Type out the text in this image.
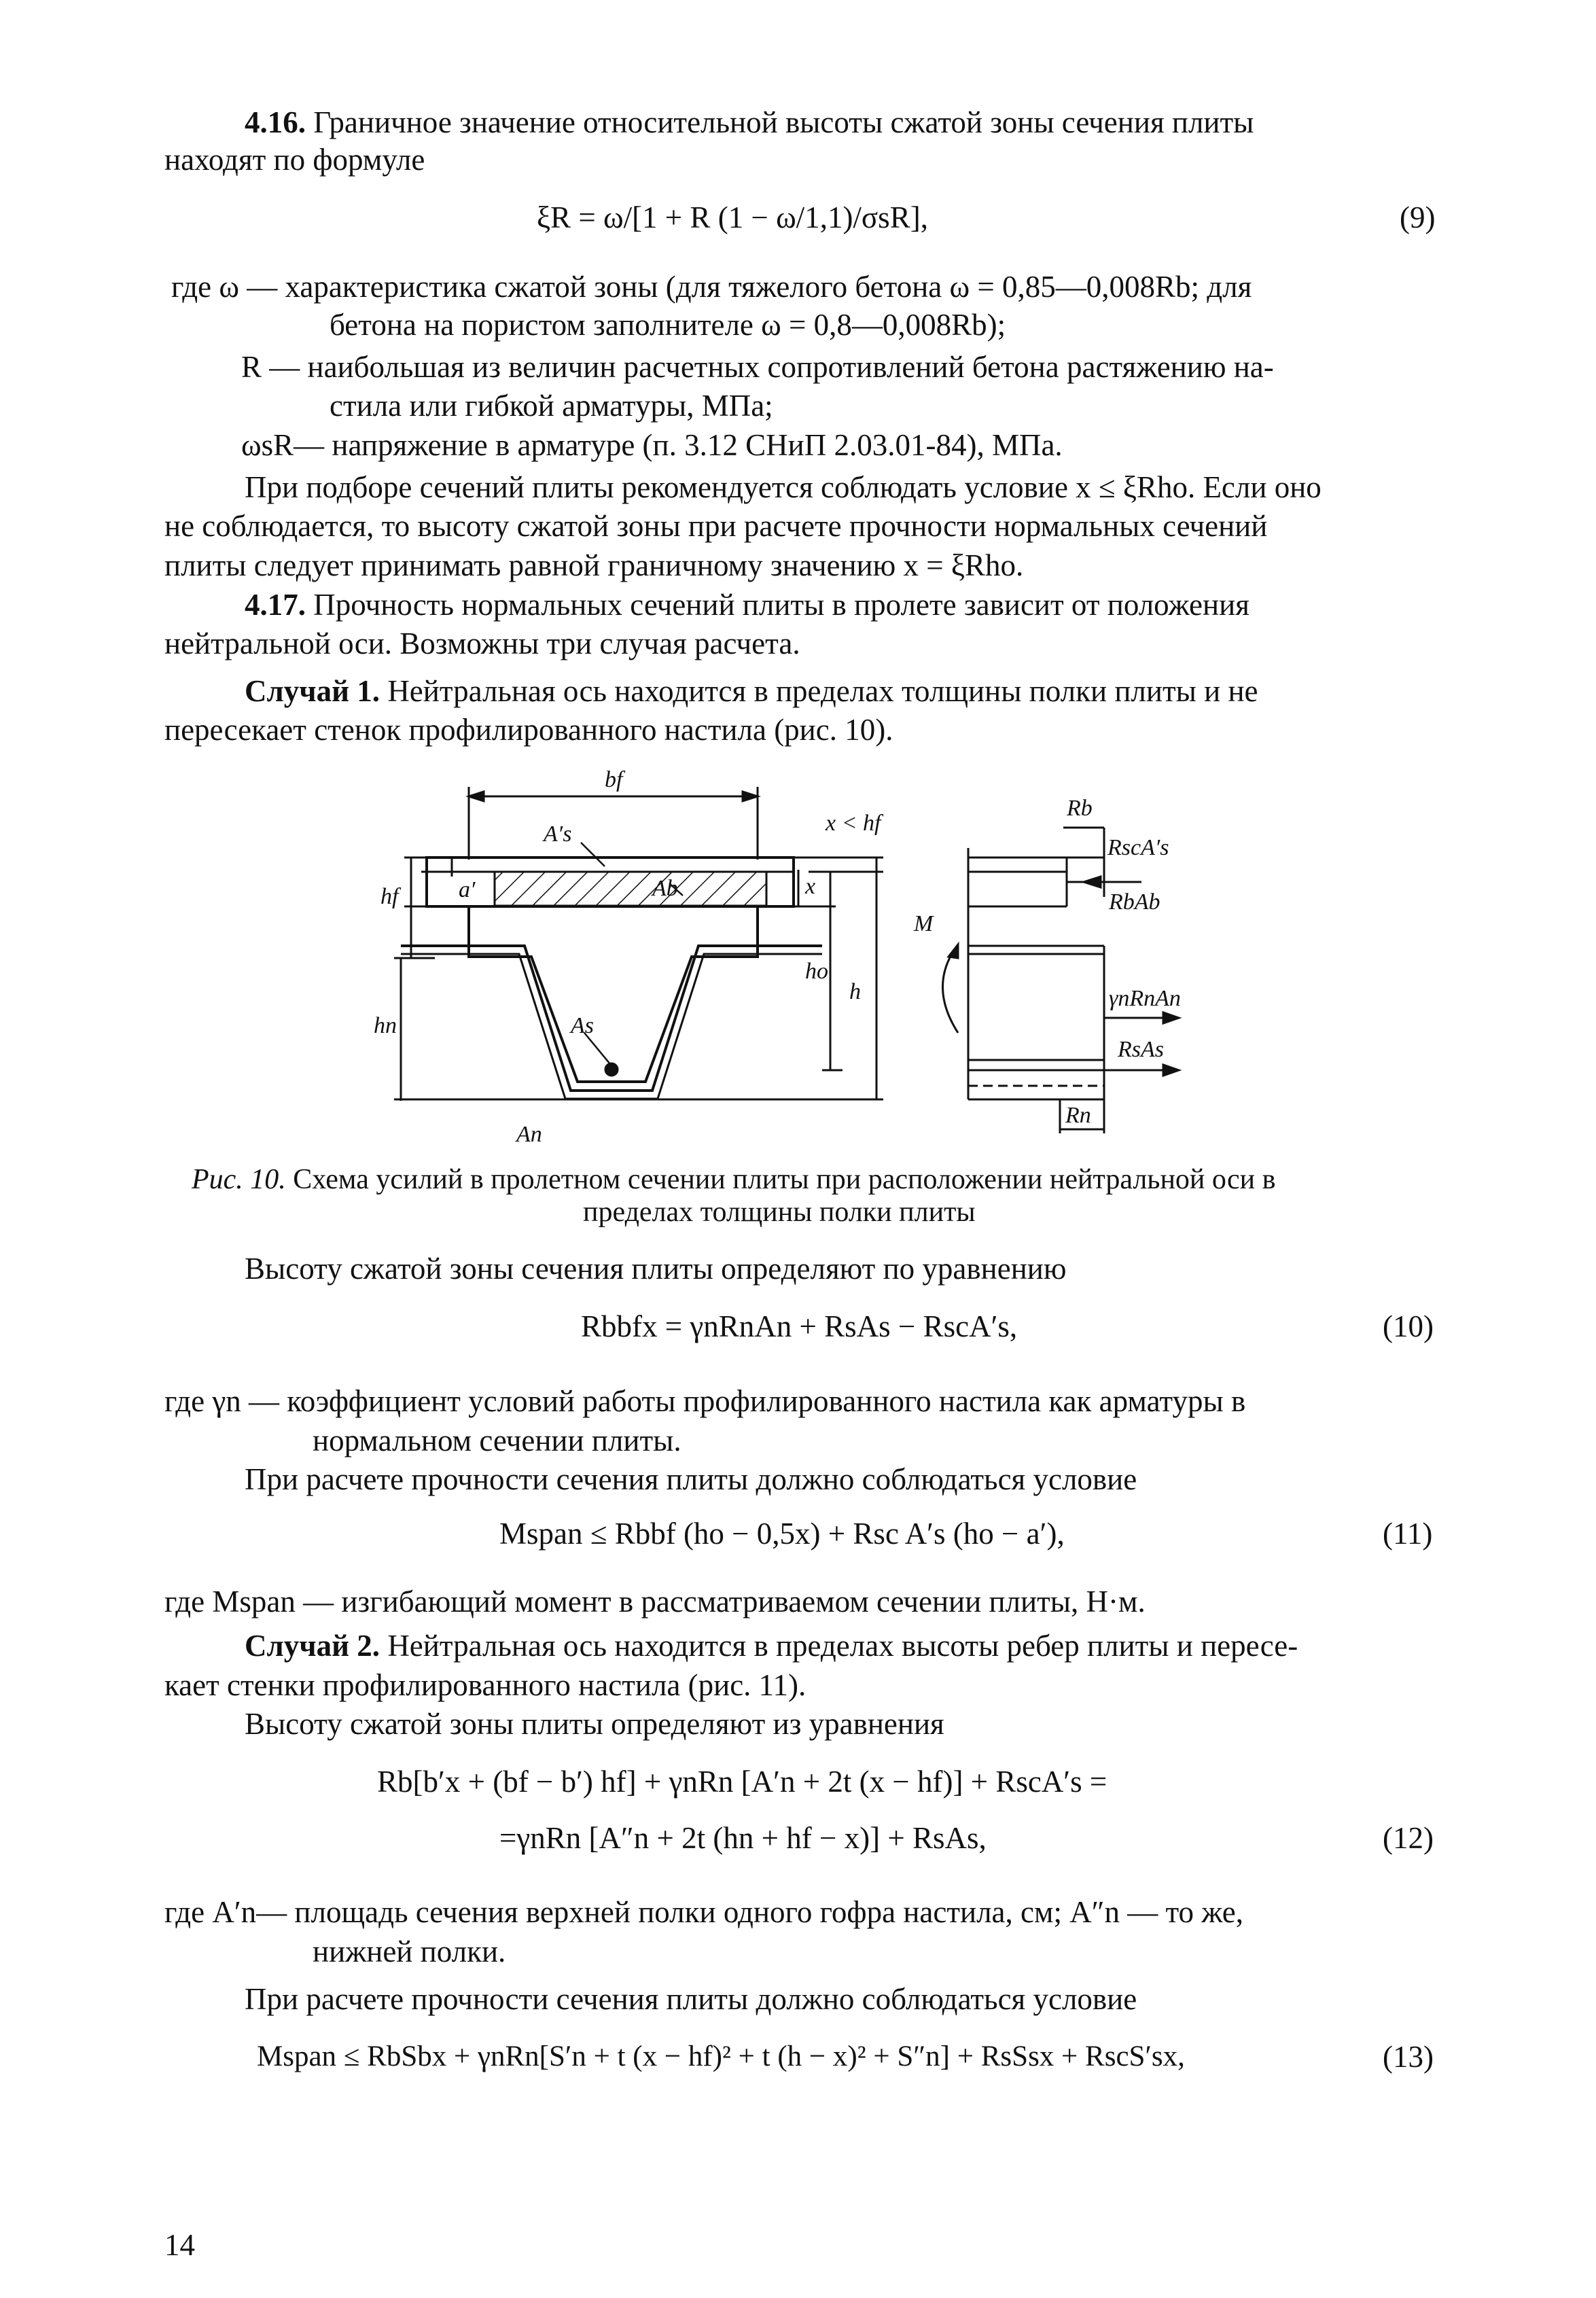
4.16. Граничное значение относительной высоты сжатой зоны сечения плиты
находят по формуле
ξR = ω/[1 + R (1 − ω/1,1)/σsR],	(9)
где ω — характеристика сжатой зоны (для тяжелого бетона ω = 0,85—0,008Rb; для
бетона на пористом заполнителе ω = 0,8—0,008Rb);
R — наибольшая из величин расчетных сопротивлений бетона растяжению на-
стила или гибкой арматуры, МПа;
ωsR— напряжение в арматуре (п. 3.12 СНиП 2.03.01-84), МПа.
При подборе сечений плиты рекомендуется соблюдать условие x ≤ ξRho. Если оно
не соблюдается, то высоту сжатой зоны при расчете прочности нормальных сечений
плиты следует принимать равной граничному значению x = ξRho.
4.17. Прочность нормальных сечений плиты в пролете зависит от положения
нейтральной оси. Возможны три случая расчета.
Случай 1. Нейтральная ось находится в пределах толщины полки плиты и не
пересекает стенок профилированного настила (рис. 10).
bf
A′s
Ab	x
a′
hf
hn
ho
h
As
An
x < hf
Rb
RscA′s
RbAb
M
γnRnAn
RsAs
Rn
Рис. 10. Схема усилий в пролетном сечении плиты при расположении нейтральной оси в
пределах толщины полки плиты
Высоту сжатой зоны сечения плиты определяют по уравнению
Rbbfx = γnRnAn + RsAs − RscA′s,	(10)
где γn — коэффициент условий работы профилированного настила как арматуры в
нормальном сечении плиты.
При расчете прочности сечения плиты должно соблюдаться условие
Mspan ≤ Rbbf (ho − 0,5x) + Rsc A′s (ho − a′),	(11)
где Mspan — изгибающий момент в рассматриваемом сечении плиты, Н·м.
Случай 2. Нейтральная ось находится в пределах высоты ребер плиты и пересе-
кает стенки профилированного настила (рис. 11).
Высоту сжатой зоны плиты определяют из уравнения
Rb[b′x + (bf − b′) hf] + γnRn [A′n + 2t (x − hf)] + RscA′s =
=γnRn [A″n + 2t (hn + hf − x)] + RsAs,	(12)
где A′n— площадь сечения верхней полки одного гофра настила, см; A″n — то же,
нижней полки.
При расчете прочности сечения плиты должно соблюдаться условие
Mspan ≤ RbSbx + γnRn[S′n + t (x − hf)² + t (h − x)² + S″n] + RsSsx + RscS′sx,	(13)
14
